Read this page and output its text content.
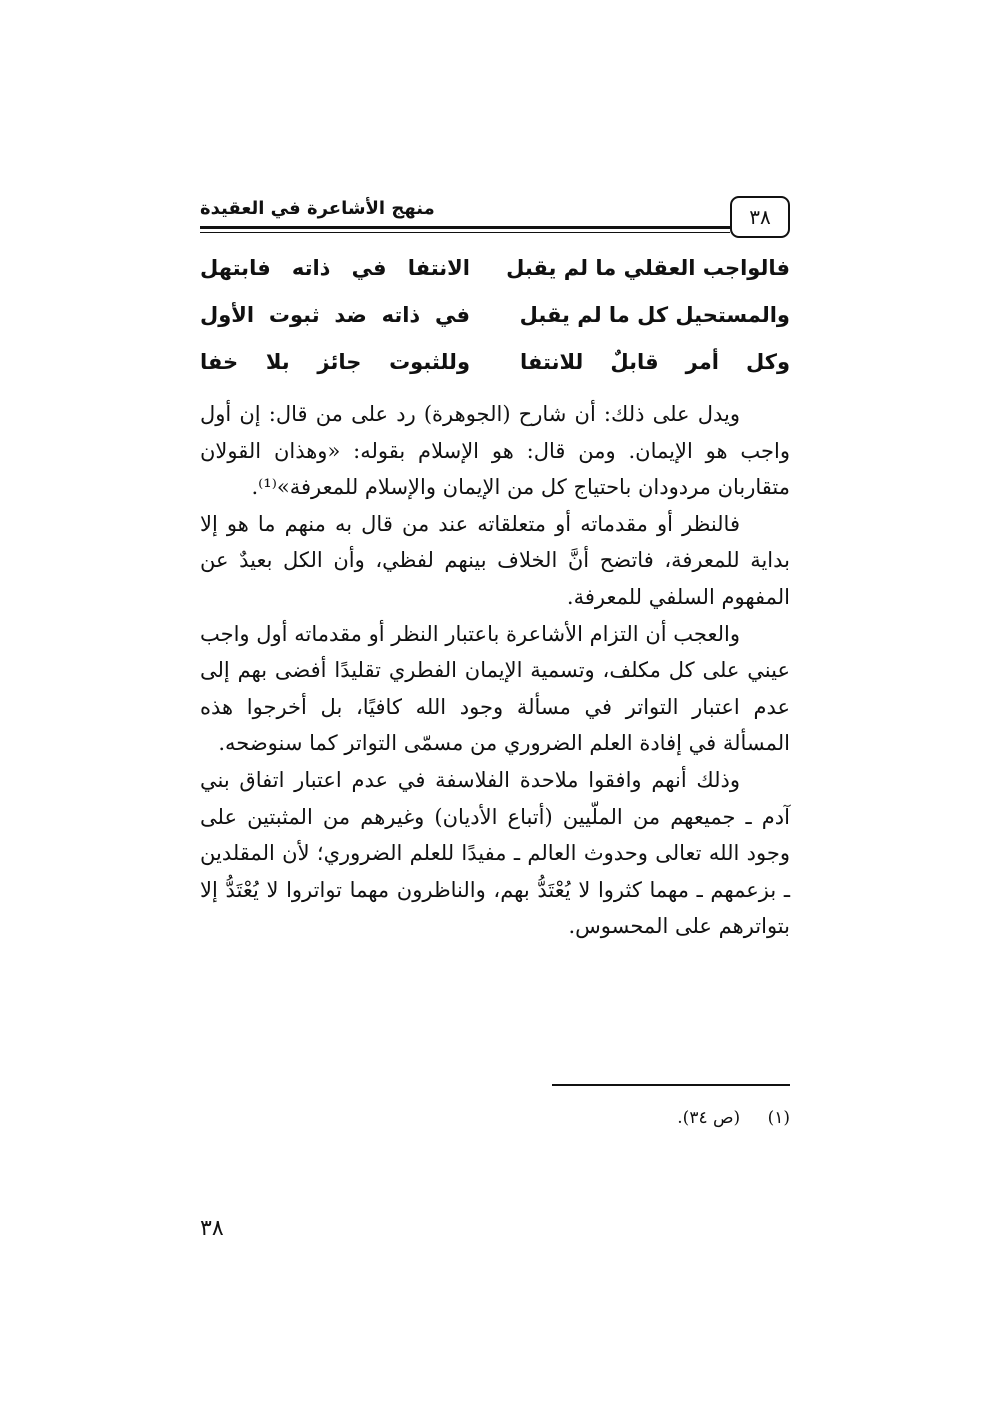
٣٨
منهج الأشاعرة في العقيدة
فالواجب العقلي ما لم يقبل
الانتفا في ذاته فابتهل
والمستحيل كل ما لم يقبل
في ذاته ضد ثبوت الأول
وكل أمر قابلٌ للانتفا
وللثبوت جائز بلا خفا

ويدل على ذلك: أن شارح (الجوهرة) رد على من قال: إن أول واجب هو الإيمان. ومن قال: هو الإسلام بقوله: «وهذان القولان متقاربان مردودان باحتياج كل من الإيمان والإسلام للمعرفة»⁽¹⁾.

فالنظر أو مقدماته أو متعلقاته عند من قال به منهم ما هو إلا بداية للمعرفة، فاتضح أنَّ الخلاف بينهم لفظي، وأن الكل بعيدٌ عن المفهوم السلفي للمعرفة.

والعجب أن التزام الأشاعرة باعتبار النظر أو مقدماته أول واجب عيني على كل مكلف، وتسمية الإيمان الفطري تقليدًا أفضى بهم إلى عدم اعتبار التواتر في مسألة وجود الله كافيًا، بل أخرجوا هذه المسألة في إفادة العلم الضروري من مسمّى التواتر كما سنوضحه.

وذلك أنهم وافقوا ملاحدة الفلاسفة في عدم اعتبار اتفاق بني آدم ـ جميعهم من الملّيين (أتباع الأديان) وغيرهم من المثبتين على وجود الله تعالى وحدوث العالم ـ مفيدًا للعلم الضروري؛ لأن المقلدين ـ بزعمهم ـ مهما كثروا لا يُعْتَدُّ بهم، والناظرون مهما تواتروا لا يُعْتَدُّ إلا بتواترهم على المحسوس.

(١) (ص ٣٤).
٣٨
